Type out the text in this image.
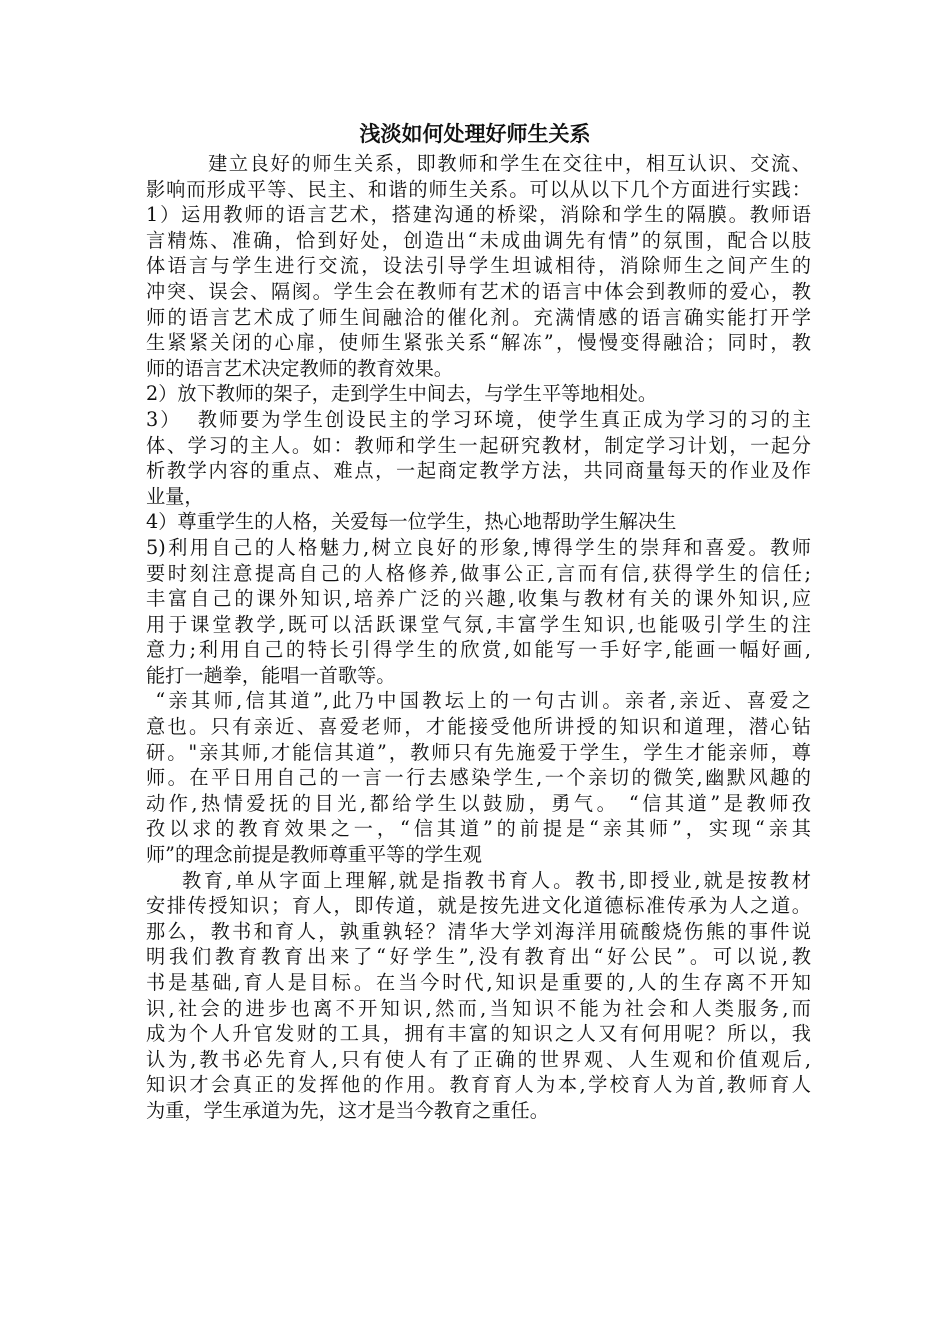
浅淡如何处理好师生关系

建立良好的师生关系，即教师和学生在交往中，相互认识、交流、

影响而形成平等、民主、和谐的师生关系。可以从以下几个方面进行实践：

1）运用教师的语言艺术，搭建沟通的桥梁，消除和学生的隔膜。教师语

言精炼、准确，恰到好处，创造出“未成曲调先有情”的氛围，配合以肢

体语言与学生进行交流，设法引导学生坦诚相待，消除师生之间产生的

冲突、误会、隔阂。学生会在教师有艺术的语言中体会到教师的爱心，教

师的语言艺术成了师生间融洽的催化剂。充满情感的语言确实能打开学

生紧紧关闭的心扉，使师生紧张关系“解冻”，慢慢变得融洽；同时，教

师的语言艺术决定教师的教育效果。

2）放下教师的架子，走到学生中间去，与学生平等地相处。

3）  教师要为学生创设民主的学习环境，使学生真正成为学习的习的主

体、学习的主人。如：教师和学生一起研究教材，制定学习计划，一起分

析教学内容的重点、难点，一起商定教学方法，共同商量每天的作业及作

业量，

4）尊重学生的人格，关爱每一位学生，热心地帮助学生解决生

5)利用自己的人格魅力,树立良好的形象,博得学生的崇拜和喜爱。教师

要时刻注意提高自己的人格修养,做事公正,言而有信,获得学生的信任;

丰富自己的课外知识,培养广泛的兴趣,收集与教材有关的课外知识,应

用于课堂教学,既可以活跃课堂气氛,丰富学生知识,也能吸引学生的注

意力;利用自己的特长引得学生的欣赏,如能写一手好字,能画一幅好画,

能打一趟拳，能唱一首歌等。

“亲其师,信其道”,此乃中国教坛上的一句古训。亲者,亲近、喜爱之

意也。只有亲近、喜爱老师，才能接受他所讲授的知识和道理，潜心钻

研。"亲其师,才能信其道”，教师只有先施爱于学生，学生才能亲师，尊

师。在平日用自己的一言一行去感染学生,一个亲切的微笑,幽默风趣的

动作,热情爱抚的目光,都给学生以鼓励，勇气。 “信其道”是教师孜

孜以求的教育效果之一，“信其道”的前提是“亲其师”，实现“亲其

师”的理念前提是教师尊重平等的学生观

教育,单从字面上理解,就是指教书育人。教书,即授业,就是按教材

安排传授知识；育人，即传道，就是按先进文化道德标准传承为人之道。

那么，教书和育人，孰重孰轻？清华大学刘海洋用硫酸烧伤熊的事件说

明我们教育教育出来了“好学生”,没有教育出“好公民”。可以说,教

书是基础,育人是目标。在当今时代,知识是重要的,人的生存离不开知

识,社会的进步也离不开知识,然而,当知识不能为社会和人类服务,而

成为个人升官发财的工具，拥有丰富的知识之人又有何用呢？所以，我

认为,教书必先育人,只有使人有了正确的世界观、人生观和价值观后,

知识才会真正的发挥他的作用。教育育人为本,学校育人为首,教师育人

为重，学生承道为先，这才是当今教育之重任。
